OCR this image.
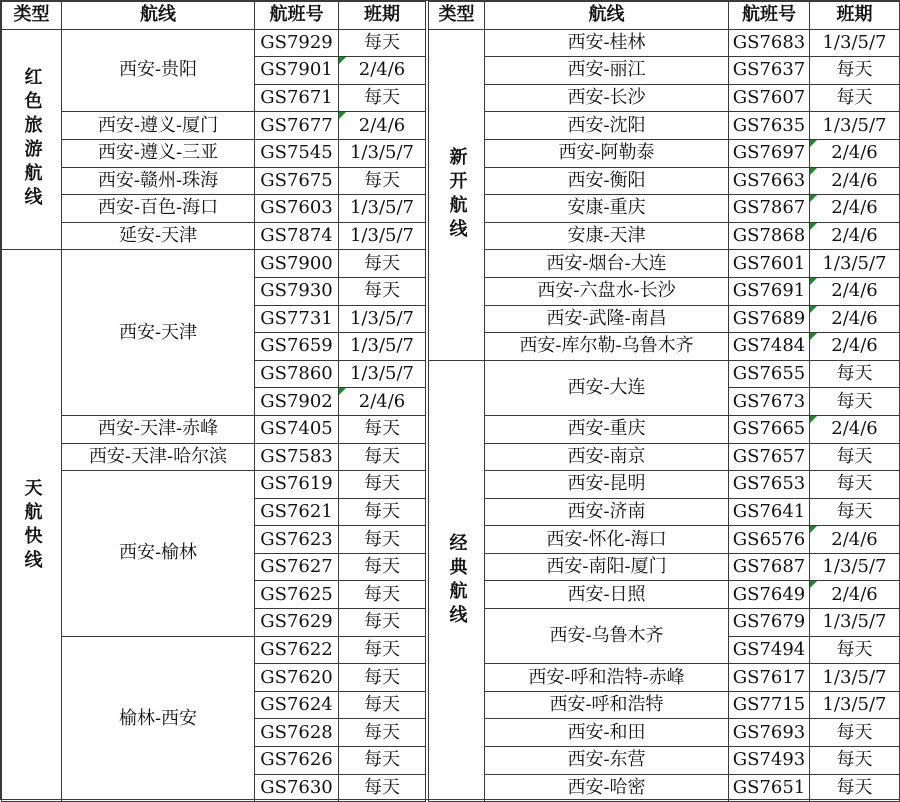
类型	航线	航班号	班期
红色旅游航线	西安-贵阳	GS7929	每天
		GS7901	2/4/6
		GS7671	每天
	西安-遵义-厦门	GS7677	2/4/6
	西安-遵义-三亚	GS7545	1/3/5/7
	西安-赣州-珠海	GS7675	每天
	西安-百色-海口	GS7603	1/3/5/7
	延安-天津	GS7874	1/3/5/7
天航快线	西安-天津	GS7900	每天
		GS7930	每天
		GS7731	1/3/5/7
		GS7659	1/3/5/7
		GS7860	1/3/5/7
		GS7902	2/4/6
	西安-天津-赤峰	GS7405	每天
	西安-天津-哈尔滨	GS7583	每天
	西安-榆林	GS7619	每天
		GS7621	每天
		GS7623	每天
		GS7627	每天
		GS7625	每天
		GS7629	每天
	榆林-西安	GS7622	每天
		GS7620	每天
		GS7624	每天
		GS7628	每天
		GS7626	每天
		GS7630	每天
类型	航线	航班号	班期
新开航线	西安-桂林	GS7683	1/3/5/7
	西安-丽江	GS7637	每天
	西安-长沙	GS7607	每天
	西安-沈阳	GS7635	1/3/5/7
	西安-阿勒泰	GS7697	2/4/6
	西安-衡阳	GS7663	2/4/6
	安康-重庆	GS7867	2/4/6
	安康-天津	GS7868	2/4/6
	西安-烟台-大连	GS7601	1/3/5/7
	西安-六盘水-长沙	GS7691	2/4/6
	西安-武隆-南昌	GS7689	2/4/6
	西安-库尔勒-乌鲁木齐	GS7484	2/4/6
经典航线	西安-大连	GS7655	每天
		GS7673	每天
	西安-重庆	GS7665	2/4/6
	西安-南京	GS7657	每天
	西安-昆明	GS7653	每天
	西安-济南	GS7641	每天
	西安-怀化-海口	GS6576	2/4/6
	西安-南阳-厦门	GS7687	1/3/5/7
	西安-日照	GS7649	2/4/6
	西安-乌鲁木齐	GS7679	1/3/5/7
		GS7494	每天
	西安-呼和浩特-赤峰	GS7617	1/3/5/7
	西安-呼和浩特	GS7715	1/3/5/7
	西安-和田	GS7693	每天
	西安-东营	GS7493	每天
	西安-哈密	GS7651	每天
